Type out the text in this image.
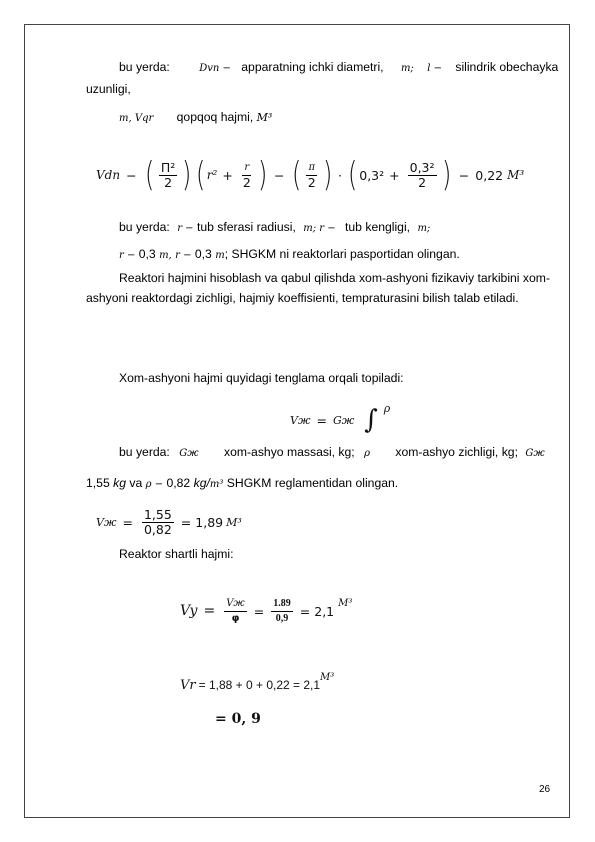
bu yerda:	Dvn − apparatning ichki diametri, m; l − silindrik obechayka
uzunligi,
m, Vqr qopqoq hajmi, M³
Vdn − ( $\frac{\text{Π²}}{2}$ ) ( $r^2 + \frac{r}{2}$ ) − ( $\frac{\pi}{2}$ ) · ( $0,3^2 + \frac{\text{0,3²}}{2}$ ) − 0,22 M³
bu yerda: r − tub sferasi radiusi, m; r − tub kengligi, m;
r − 0,3 m, r − 0,3 m; SHGKM ni reaktorlari pasportidan olingan.
Reaktori hajmini hisoblash va qabul qilishda xom-ashyoni fizikaviy tarkibini xom-ashyoni reaktordagi zichligi, hajmiy koeffisienti, tempraturasini bilish talab etiladi.
Xom-ashyoni hajmi quyidagi tenglama orqali topiladi:
Vж = Gж ∫ ρ
bu yerda: Gж xom-ashyo massasi, kg; ρ xom-ashyo zichligi, kg; Gж
1,55 kg va ρ − 0,82 kg/m³ SHGKM reglamentidan olingan.
Vж = $\frac{1,55}{0,82} = 1,89$ M³
Reaktor shartli hajmi:
$Vy = \frac{Vж}{\varphi} = \frac{1.89}{0,9} = 2,1$ M³
Vr = 1,88 + 0 + 0,22 = 2,1
M³
= 0, 9
26
